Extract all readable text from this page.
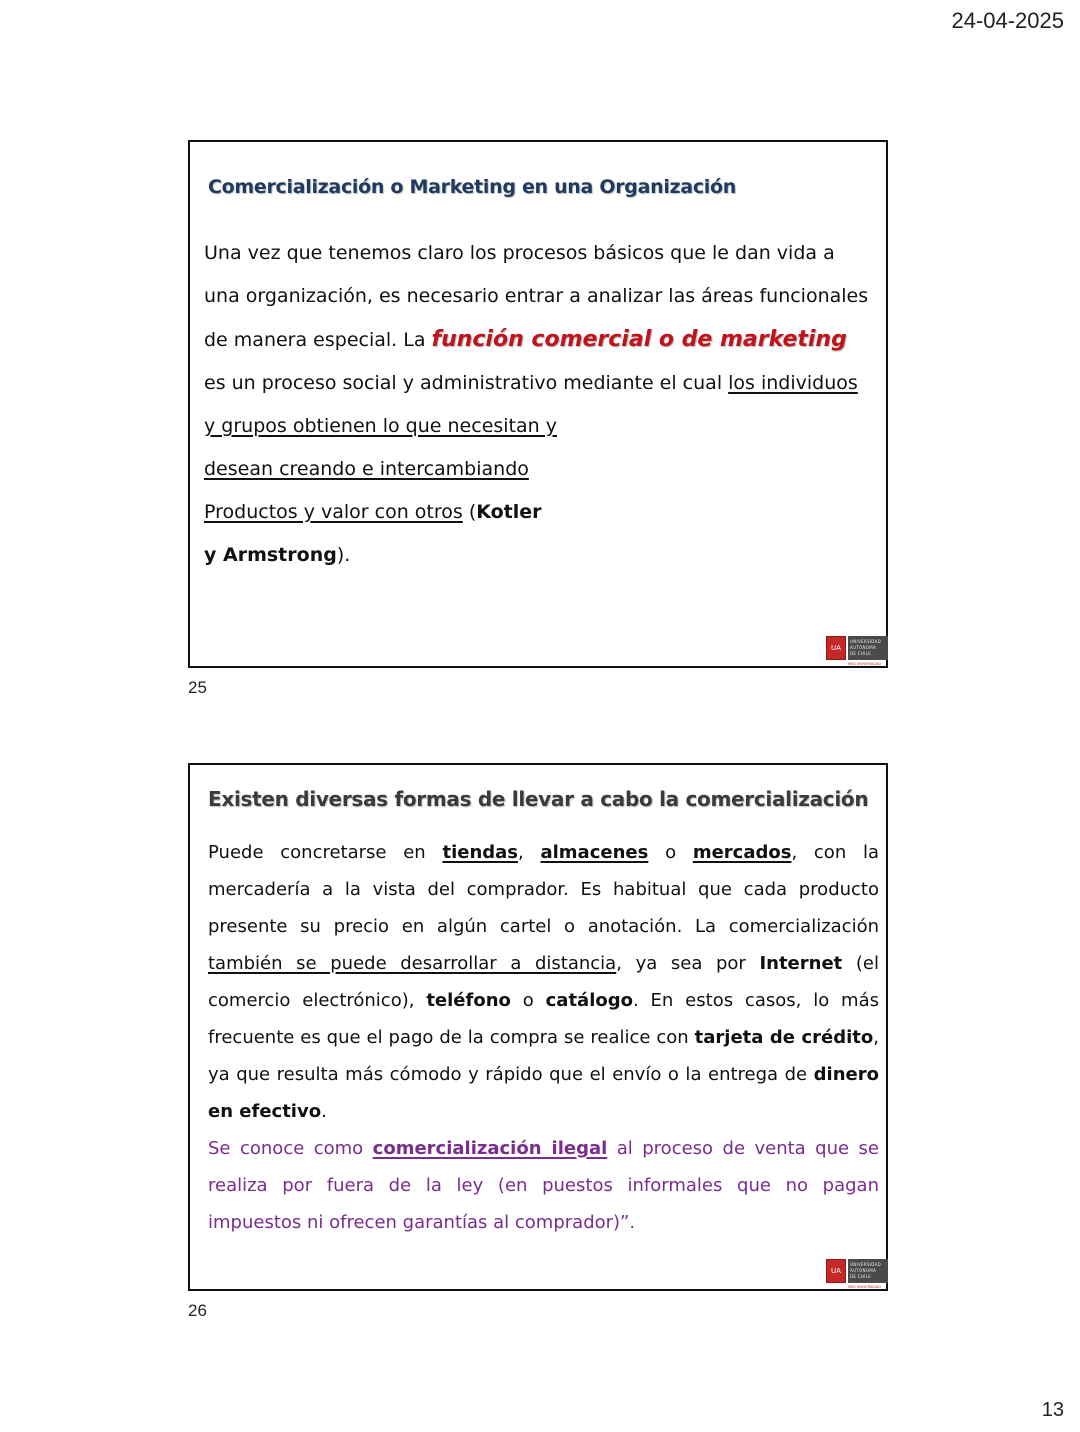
24-04-2025
Comercialización o Marketing en una Organización
Una vez que tenemos claro los procesos básicos que le dan vida a una organización, es necesario entrar a analizar las áreas funcionales de manera especial. La función comercial o de marketing es un proceso social y administrativo mediante el cual los individuos y grupos obtienen lo que necesitan y
desean creando e intercambiando
Productos y valor con otros (Kotler
y Armstrong).
UA
UNIVERSIDAD
AUTÓNOMA
DE CHILE
MÁS UNIVERSIDAD
25
Existen diversas formas de llevar a cabo la comercialización

Puede concretarse en tiendas, almacenes o mercados, con la mercadería a la vista del comprador. Es habitual que cada producto presente su precio en algún cartel o anotación. La comercialización también se puede desarrollar a distancia, ya sea por Internet (el comercio electrónico), teléfono o catálogo. En estos casos, lo más frecuente es que el pago de la compra se realice con tarjeta de crédito, ya que resulta más cómodo y rápido que el envío o la entrega de dinero en efectivo.

Se conoce como comercialización ilegal al proceso de venta que se realiza por fuera de la ley (en puestos informales que no pagan impuestos ni ofrecen garantías al comprador)”.

UA
UNIVERSIDAD
AUTÓNOMA
DE CHILE
MÁS UNIVERSIDAD
26
13
